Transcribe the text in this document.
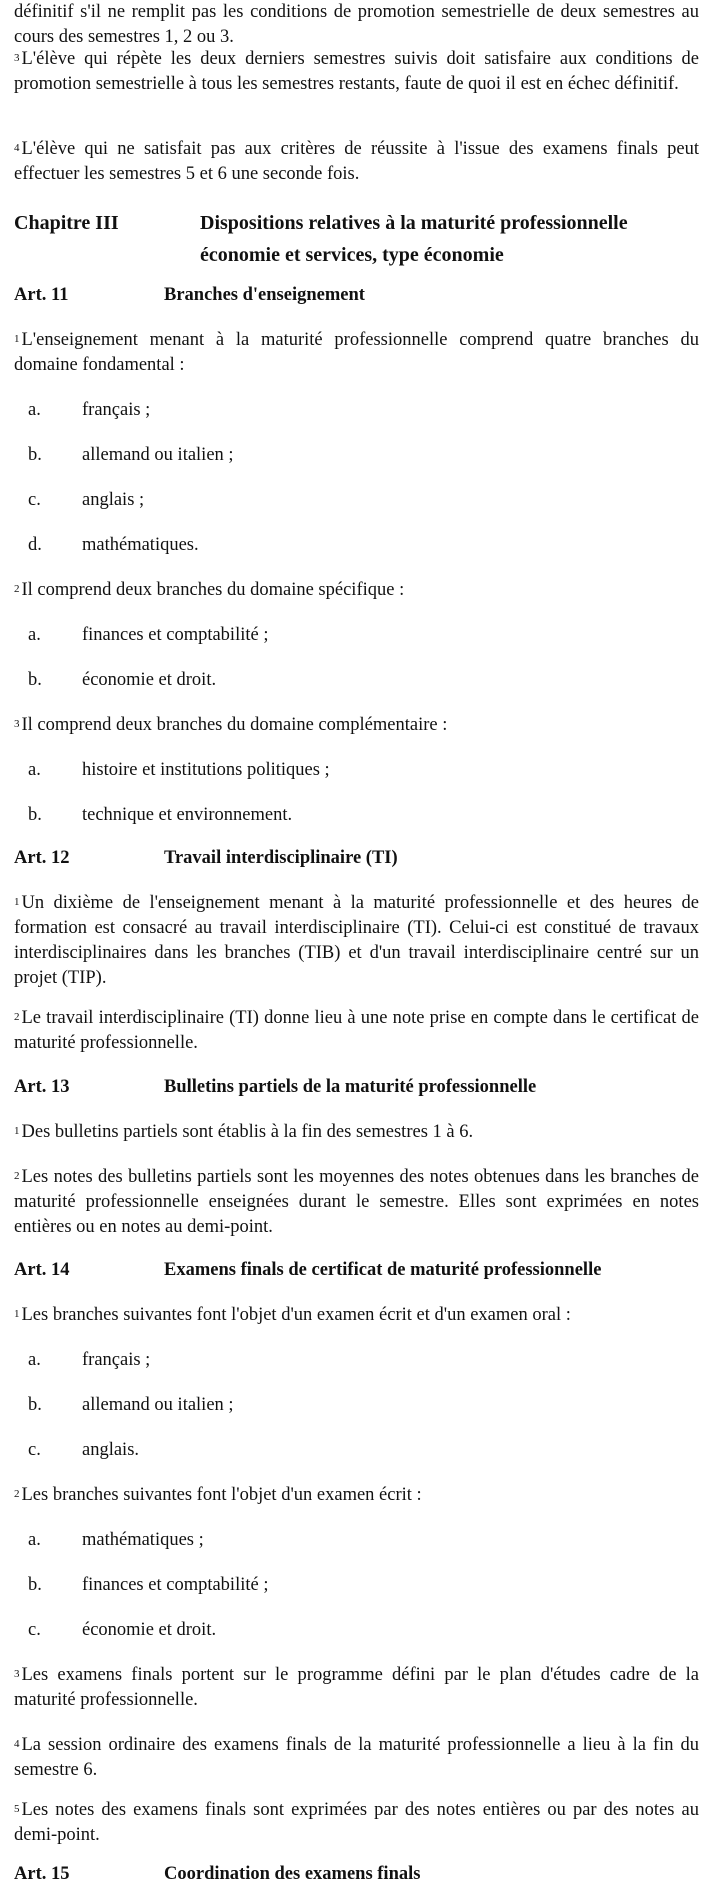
définitif s'il ne remplit pas les conditions de promotion semestrielle de deux semestres au cours des semestres 1, 2 ou 3.

$^3$ L'élève qui répète les deux derniers semestres suivis doit satisfaire aux conditions de promotion semestrielle à tous les semestres restants, faute de quoi il est en échec définitif.

$^4$ L'élève qui ne satisfait pas aux critères de réussite à l'issue des examens finals peut effectuer les semestres 5 et 6 une seconde fois.

Chapitre III	Dispositions relatives à la maturité professionnelle économie et services, type économie
Art. 11	Branches d'enseignement

$^1$ L'enseignement menant à la maturité professionnelle comprend quatre branches du domaine fondamental :

a.	français ;
b.	allemand ou italien ;
c.	anglais ;
d.	mathématiques.

$^2$ Il comprend deux branches du domaine spécifique :

a.	finances et comptabilité ;
b.	économie et droit.

$^3$ Il comprend deux branches du domaine complémentaire :

a.	histoire et institutions politiques ;
b.	technique et environnement.
Art. 12	Travail interdisciplinaire (TI)

$^1$ Un dixième de l'enseignement menant à la maturité professionnelle et des heures de formation est consacré au travail interdisciplinaire (TI). Celui-ci est constitué de travaux interdisciplinaires dans les branches (TIB) et d'un travail interdisciplinaire centré sur un projet (TIP).

$^2$ Le travail interdisciplinaire (TI) donne lieu à une note prise en compte dans le certificat de maturité professionnelle.

Art. 13	Bulletins partiels de la maturité professionnelle

$^1$ Des bulletins partiels sont établis à la fin des semestres 1 à 6.

$^2$ Les notes des bulletins partiels sont les moyennes des notes obtenues dans les branches de maturité professionnelle enseignées durant le semestre. Elles sont exprimées en notes entières ou en notes au demi-point.

Art. 14	Examens finals de certificat de maturité professionnelle

$^1$ Les branches suivantes font l'objet d'un examen écrit et d'un examen oral :

a.	français ;
b.	allemand ou italien ;
c.	anglais.

$^2$ Les branches suivantes font l'objet d'un examen écrit :

a.	mathématiques ;
b.	finances et comptabilité ;
c.	économie et droit.

$^3$ Les examens finals portent sur le programme défini par le plan d'études cadre de la maturité professionnelle.

$^4$ La session ordinaire des examens finals de la maturité professionnelle a lieu à la fin du semestre 6.

$^5$ Les notes des examens finals sont exprimées par des notes entières ou par des notes au demi-point.

Art. 15	Coordination des examens finals
